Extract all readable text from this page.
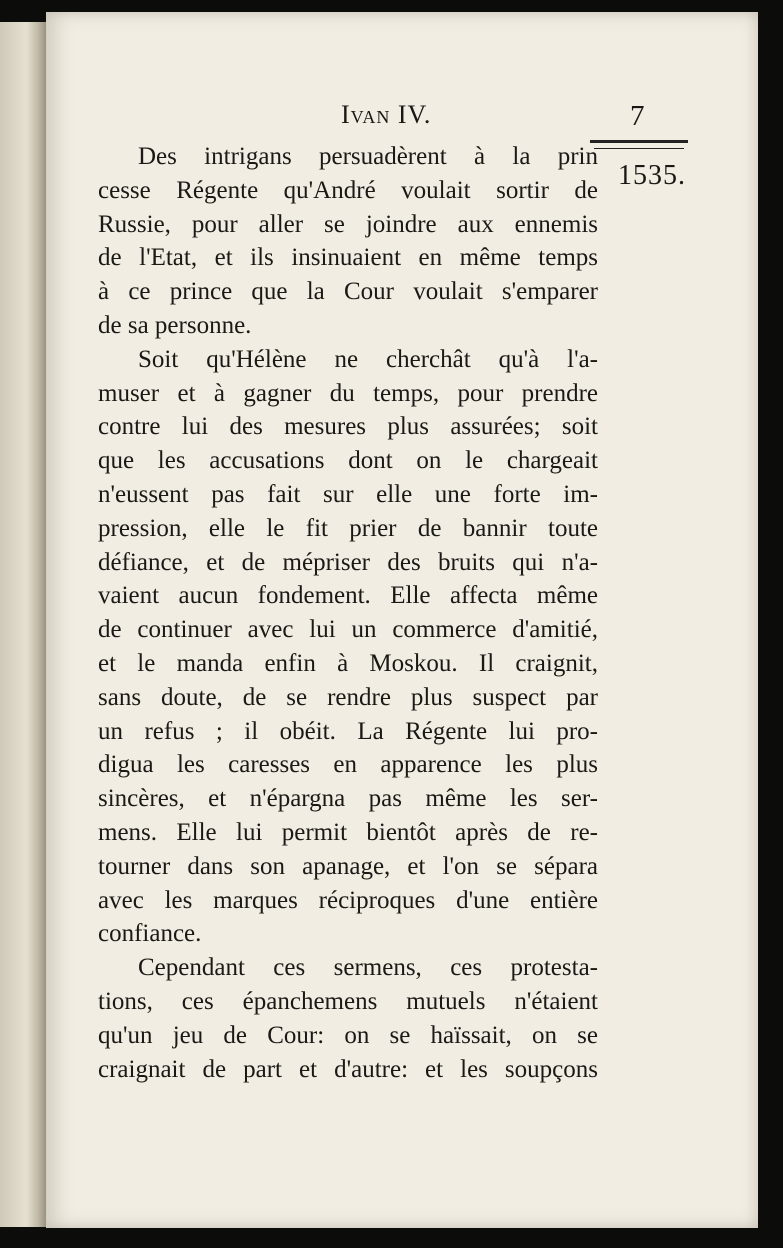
Ivan IV.	7
1535.
Des intrigans persuadèrent à la prin
cesse Régente qu'André voulait sortir de
Russie, pour aller se joindre aux ennemis
de l'Etat, et ils insinuaient en même temps
à ce prince que la Cour voulait s'emparer
de sa personne.
Soit qu'Hélène ne cherchât qu'à l'a-
muser et à gagner du temps, pour prendre
contre lui des mesures plus assurées; soit
que les accusations dont on le chargeait
n'eussent pas fait sur elle une forte im-
pression, elle le fit prier de bannir toute
défiance, et de mépriser des bruits qui n'a-
vaient aucun fondement. Elle affecta même
de continuer avec lui un commerce d'amitié,
et le manda enfin à Moskou. Il craignit,
sans doute, de se rendre plus suspect par
un refus ; il obéit. La Régente lui pro-
digua les caresses en apparence les plus
sincères, et n'épargna pas même les ser-
mens. Elle lui permit bientôt après de re-
tourner dans son apanage, et l'on se sépara
avec les marques réciproques d'une entière
confiance.
Cependant ces sermens, ces protesta-
tions, ces épanchemens mutuels n'étaient
qu'un jeu de Cour: on se haïssait, on se
craignait de part et d'autre: et les soupçons
